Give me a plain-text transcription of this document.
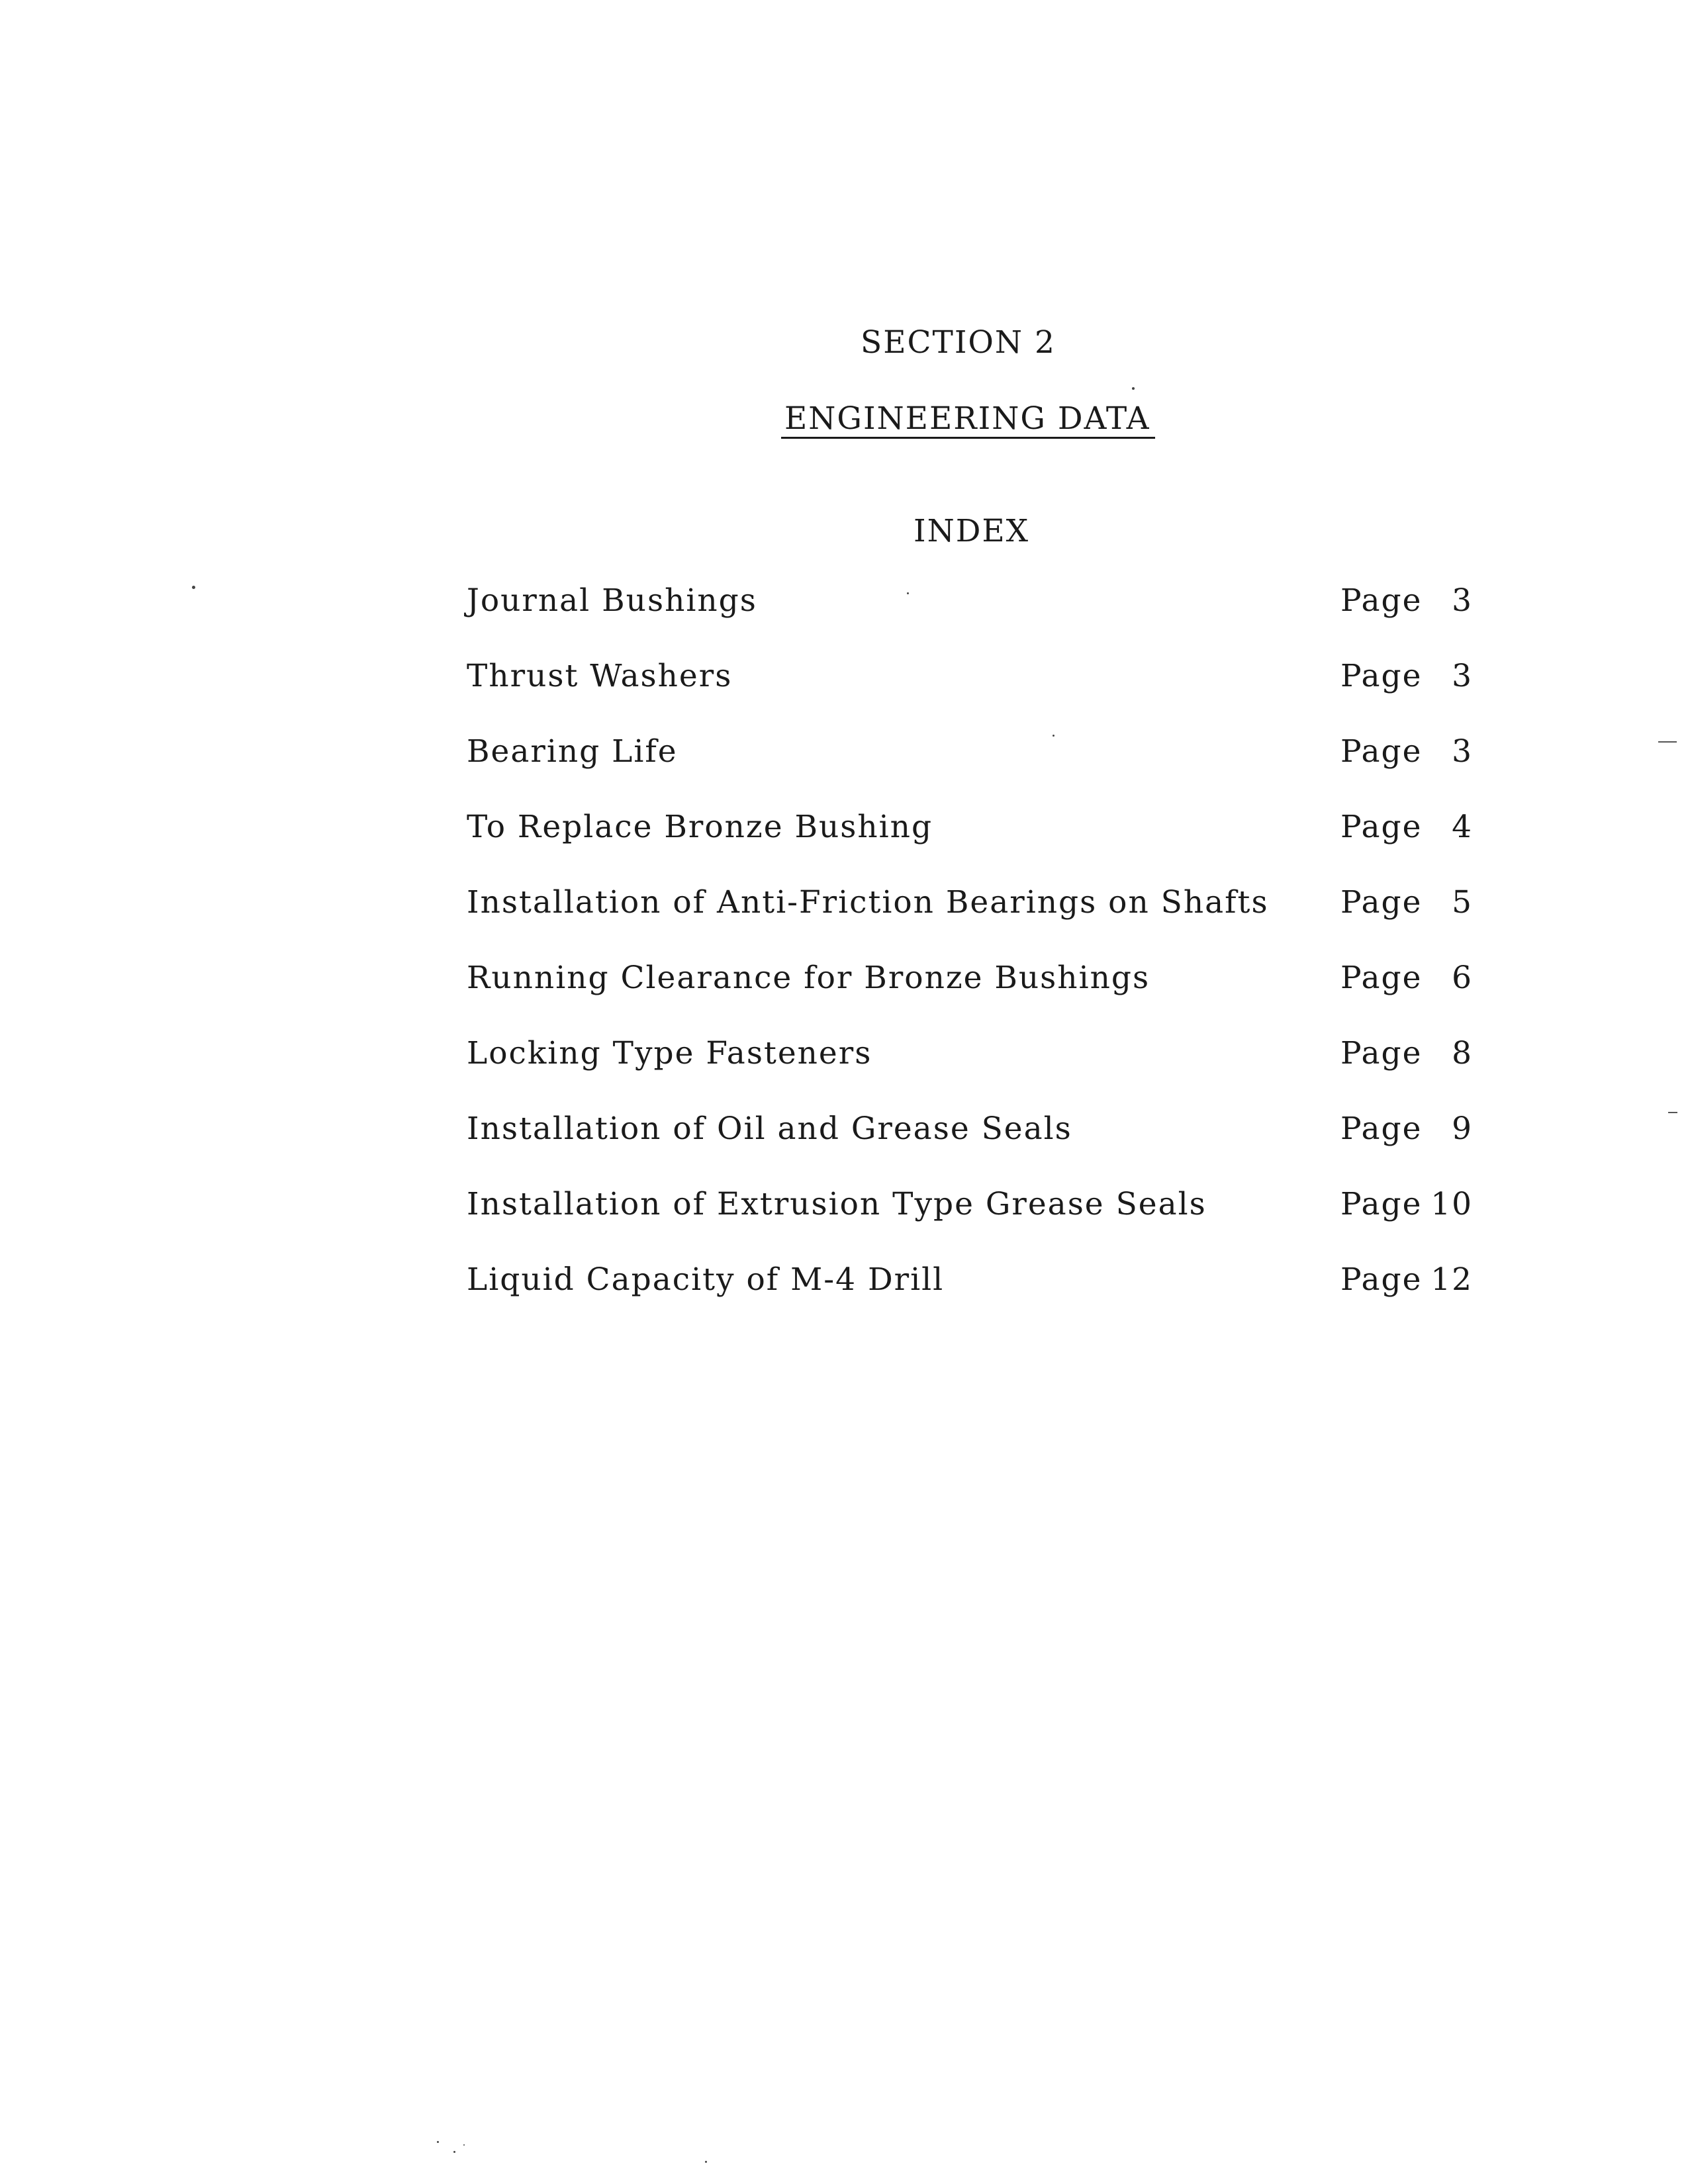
SECTION 2
ENGINEERING DATA
INDEX
Journal Bushings	Page 3
Thrust Washers	Page 3
Bearing Life	Page 3
To Replace Bronze Bushing	Page 4
Installation of Anti-Friction Bearings on Shafts Page 5
Running Clearance for Bronze Bushings	Page 6
Locking Type Fasteners	Page 8
Installation of Oil and Grease Seals	Page 9
Installation of Extrusion Type Grease Seals	Page 10
Liquid Capacity of M-4 Drill	Page 12
